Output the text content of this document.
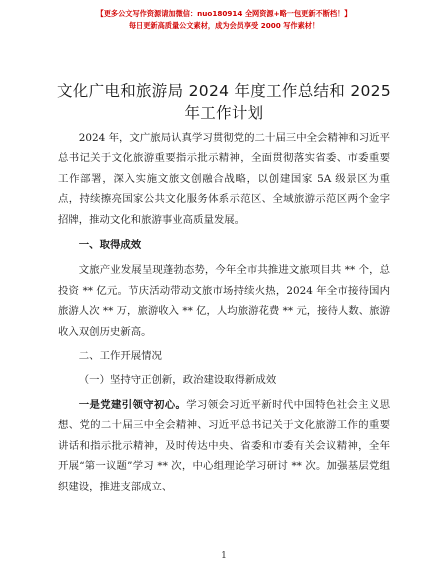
【更多公文写作资源请加微信：nuo180914 全网资源+略一包更新不断档！】
每日更新高质量公文素材，成为会员享受 2000 写作素材！
文化广电和旅游局 2024 年度工作总结和 2025
年工作计划

2024 年，文广旅局认真学习贯彻党的二十届三中全会精神和习近平总书记关于文化旅游重要指示批示精神，全面贯彻落实省委、市委重要工作部署，深入实施文旅文创融合战略，以创建国家 5A 级景区为重点，持续擦亮国家公共文化服务体系示范区、全域旅游示范区两个金字招牌，推动文化和旅游事业高质量发展。

一、取得成效

文旅产业发展呈现蓬勃态势，今年全市共推进文旅项目共 ** 个，总投资 ** 亿元。节庆活动带动文旅市场持续火热，2024 年全市接待国内旅游人次 ** 万，旅游收入 ** 亿，人均旅游花费 ** 元，接待人数、旅游收入双创历史新高。

二、工作开展情况

（一）坚持守正创新，政治建设取得新成效

一是党建引领守初心。学习领会习近平新时代中国特色社会主义思想、党的二十届三中全会精神、习近平总书记关于文化旅游工作的重要讲话和指示批示精神，及时传达中央、省委和市委有关会议精神，全年开展“第一议题”学习 ** 次，中心组理论学习研讨 ** 次。加强基层党组织建设，推进支部成立、

1
